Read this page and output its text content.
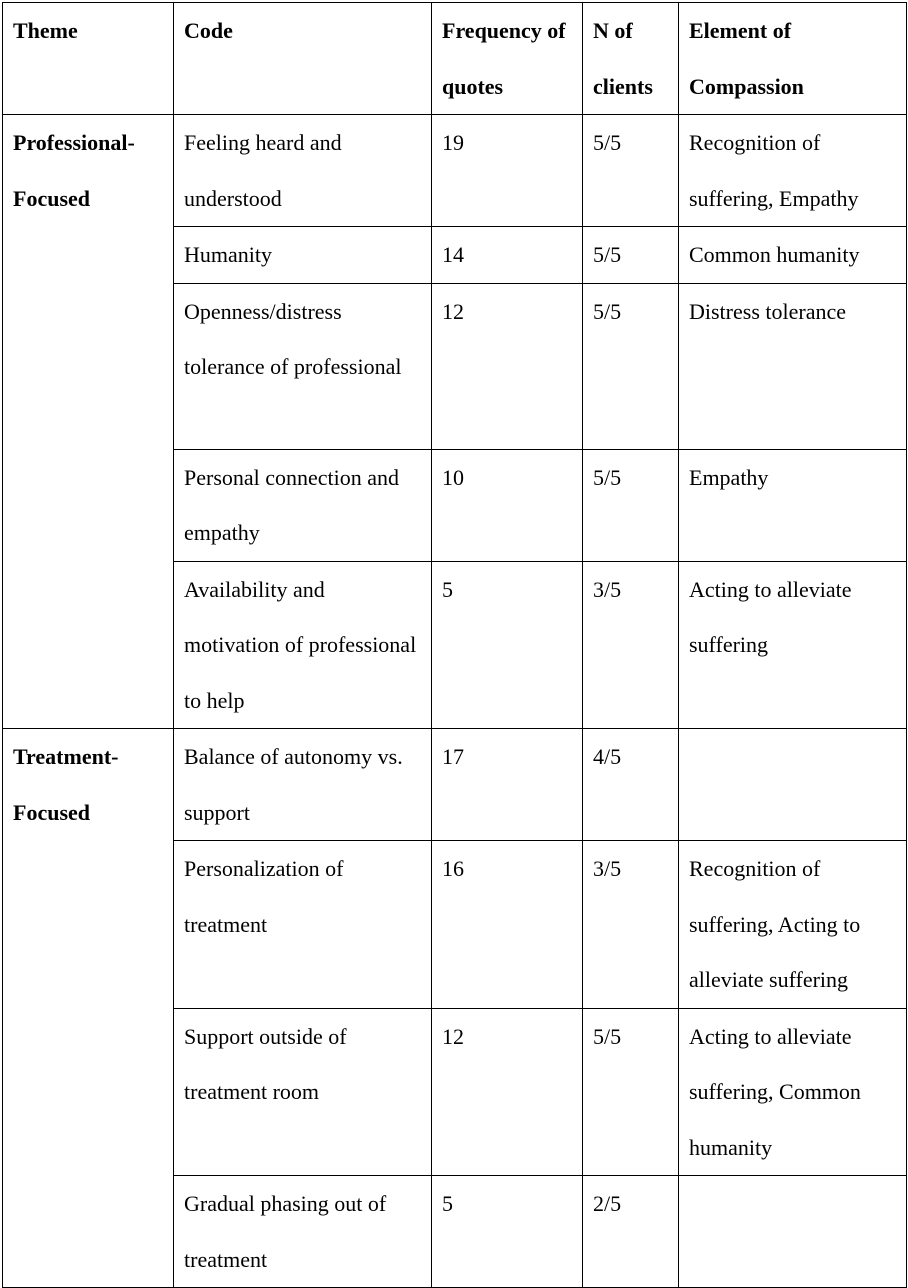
Theme	Code	Frequency of quotes	N of clients	Element of Compassion
Professional-Focused	Feeling heard and understood	19	5/5	Recognition of suffering, Empathy
	Humanity	14	5/5	Common humanity
	Openness/distress tolerance of professional	12	5/5	Distress tolerance
	Personal connection and empathy	10	5/5	Empathy
	Availability and motivation of professional to help	5	3/5	Acting to alleviate suffering
Treatment-Focused	Balance of autonomy vs. support	17	4/5	
	Personalization of treatment	16	3/5	Recognition of suffering, Acting to alleviate suffering
	Support outside of treatment room	12	5/5	Acting to alleviate suffering, Common humanity
	Gradual phasing out of treatment	5	2/5	
